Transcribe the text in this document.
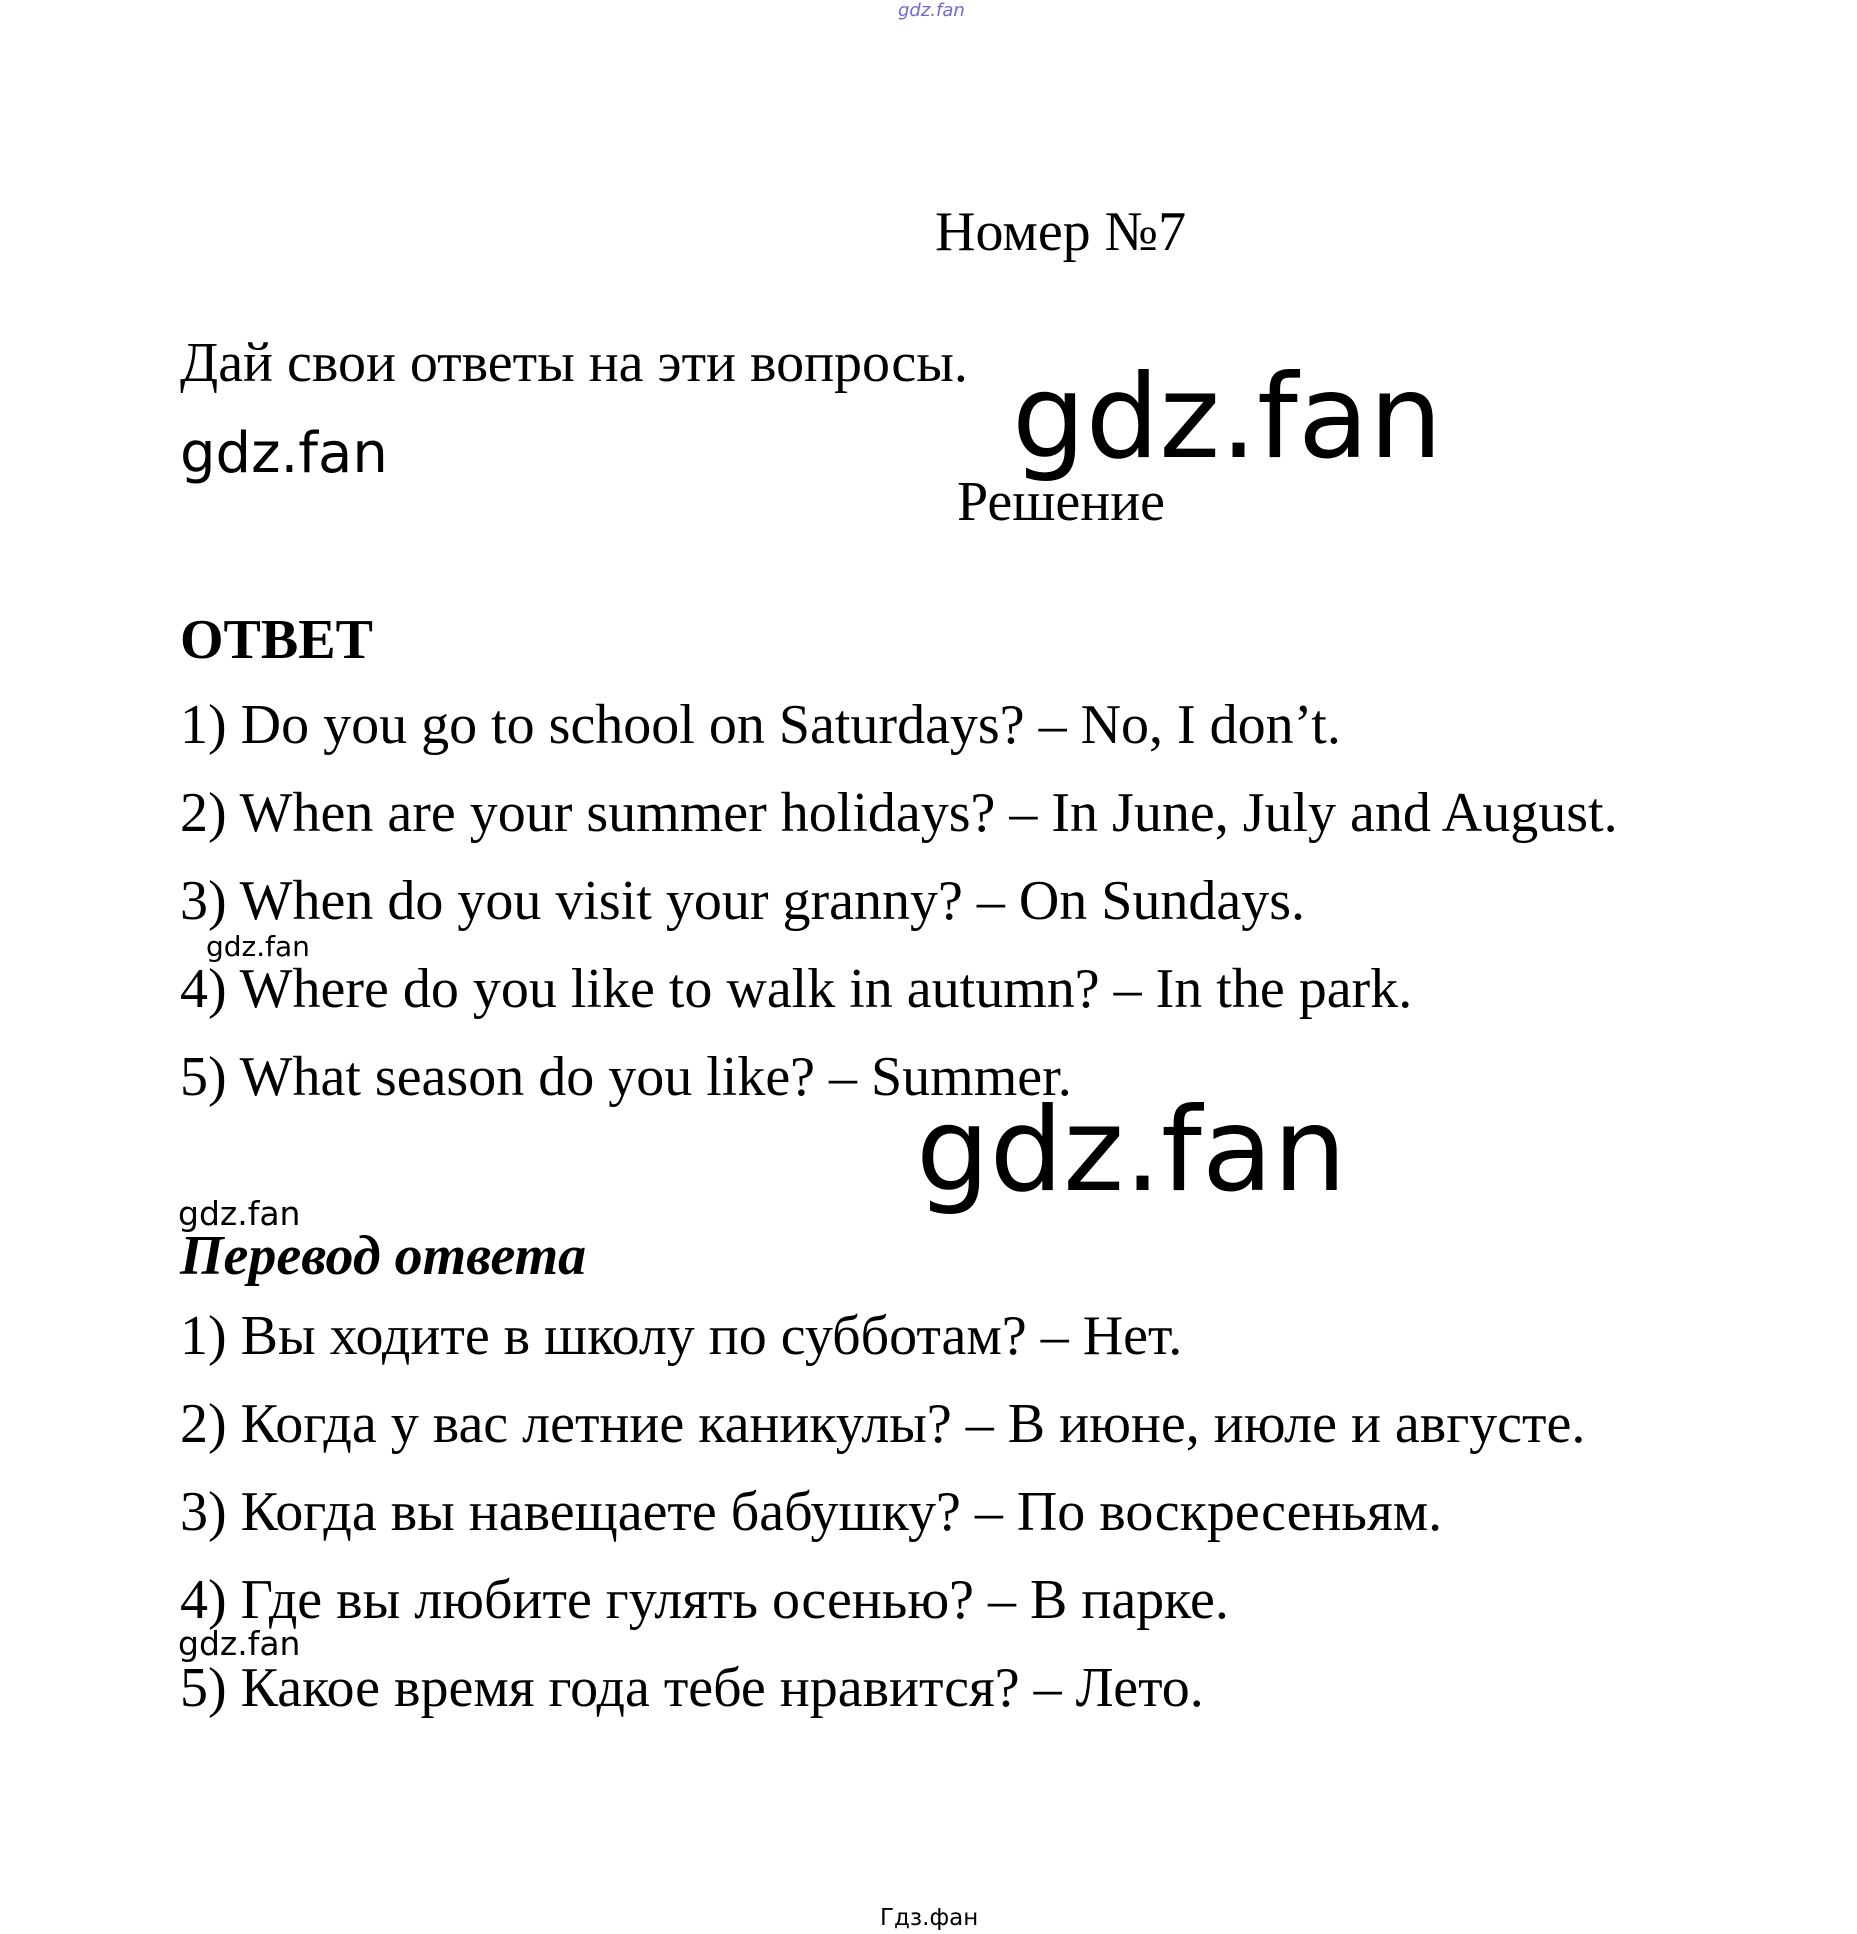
gdz.fan
Номер №7
Дай свои ответы на эти вопросы. gdz.fan
gdz.fan
Решение
ОТВЕТ
1) Do you go to school on Saturdays? – No, I don’t.
2) When are your summer holidays? – In June, July and August.
3) When do you visit your granny? – On Sundays.
4) Where do you like to walk in autumn? – In the park.
5) What season do you like? – Summer.
gdz.fan
gdz.fan
gdz.fan
Перевод ответа
1) Вы ходите в школу по субботам? – Нет.
2) Когда у вас летние каникулы? – В июне, июле и августе.
3) Когда вы навещаете бабушку? – По воскресеньям.
4) Где вы любите гулять осенью? – В парке.
5) Какое время года тебе нравится? – Лето.
gdz.fan
Гдз.фан
